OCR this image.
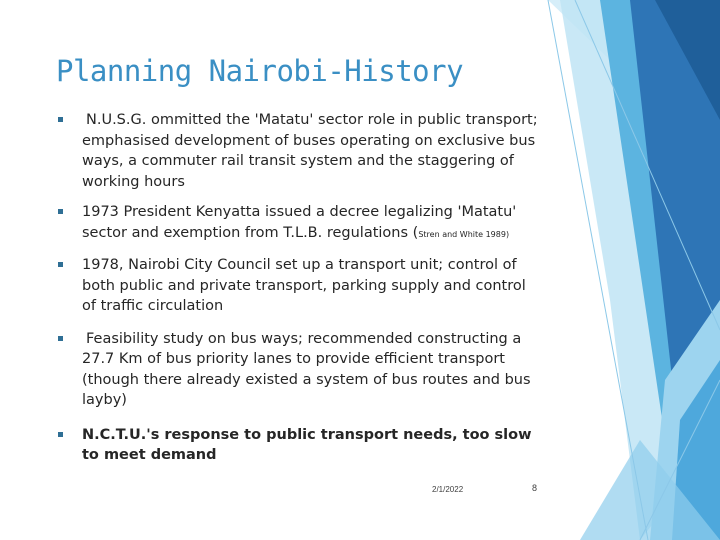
Planning Nairobi-History
N.U.S.G. ommitted the 'Matatu' sector role in public transport; emphasised development of buses operating on exclusive bus ways, a commuter rail transit system and the staggering of working hours
1973 President Kenyatta issued a decree legalizing 'Matatu' sector and exemption from T.L.B. regulations (Stren and White 1989)
1978, Nairobi City Council set up a transport unit; control of both public and private transport, parking supply and control of traffic circulation
Feasibility study on bus ways; recommended constructing a 27.7 Km of bus priority lanes to provide efficient transport (though there already existed a system of bus routes and bus layby)
N.C.T.U.'s response to public transport needs, too slow to meet demand
2/1/2022	8
